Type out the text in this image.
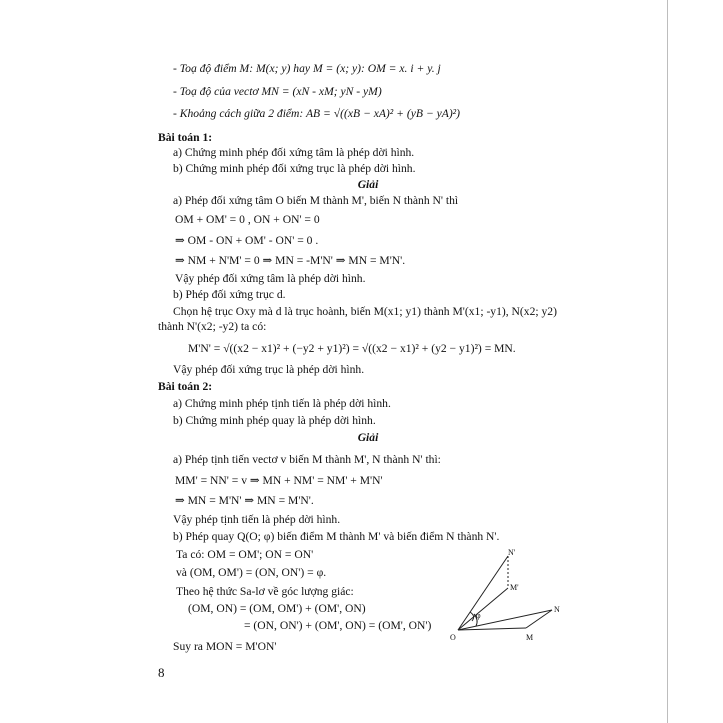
- Toạ độ điểm M: M(x; y) hay M = (x; y): OM = x. i + y. j
- Toạ độ của vectơ MN = (xN - xM; yN - yM)
- Khoảng cách giữa 2 điểm: AB = √((xB − xA)² + (yB − yA)²)
Bài toán 1:
a) Chứng minh phép đối xứng tâm là phép dời hình.
b) Chứng minh phép đối xứng trục là phép dời hình.
Giải
a) Phép đối xứng tâm O biến M thành M', biến N thành N' thì
OM + OM' = 0 , ON + ON' = 0
⇒ OM - ON + OM' - ON' = 0 .
⇒ NM + N'M' = 0 ⇒ MN = -M'N' ⇒ MN = M'N'.
Vậy phép đối xứng tâm là phép dời hình.
b) Phép đối xứng trục d.
Chọn hệ trục Oxy mà d là trục hoành, biến M(x1; y1) thành M'(x1; -y1), N(x2; y2)
thành N'(x2; -y2) ta có:
M'N' = √((x2 − x1)² + (−y2 + y1)²) = √((x2 − x1)² + (y2 − y1)²) = MN.
Vậy phép đối xứng trục là phép dời hình.
Bài toán 2:
a) Chứng minh phép tịnh tiến là phép dời hình.
b) Chứng minh phép quay là phép dời hình.
Giải
a) Phép tịnh tiến vectơ v biến M thành M', N thành N' thì:
MM' = NN' = v ⇒ MN + NM' = NM' + M'N'
⇒ MN = M'N' ⇒ MN = M'N'.
Vậy phép tịnh tiến là phép dời hình.
b) Phép quay Q(O; φ) biến điểm M thành M' và biến điểm N thành N'.
Ta có: OM = OM'; ON = ON'
và (OM, OM') = (ON, ON') = φ.
Theo hệ thức Sa-lơ về góc lượng giác:
(OM, ON) = (OM, OM') + (OM', ON)
= (ON, ON') + (OM', ON) = (OM', ON')
Suy ra MON = M'ON'
8
O	M
N
M'
N'
φ
